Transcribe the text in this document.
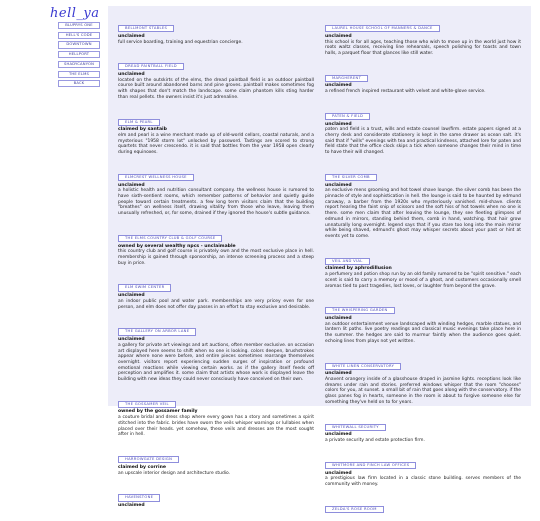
hell_ya
BLUPRYS ONE
HELL'S CODE
DOWNTOWN
HELLPORT
SHADYCANYON
THE ELMS
BACK
BELLMONT STABLES
unclaimed

full service boarding, training and equestrian concierge.

DREAD PAINTBALL FIELD
unclaimed

located on the outskirts of the elms, the dread paintball field is an outdoor paintball course built around abandoned barns and pine groves. paintball makes sometimes fog with shapes that don't match the landscape. some claim phantom kills sting harder than real pellets. the owners insist it's just adrenaline.

ELM & PEARL
claimed by santaib

elm and pearl is a wine merchant made up of old-world cellars, coastal naturals, and a mysterious "1958 storm lot" unlocked by password. Tastings are scored to strong quartets that never crescendo. it is said that bottles from the year 1958 open clearly during equinoxes.

ELMCREST WELLNESS HOUSE
unclaimed

a holistic health and nutrition consultant company. the wellness house is rumored to have sixth-sentient rooms, which remember patterns of behavior and quietly guide people toward certain treatments. a few long term visitors claim that the building "breathes" on wellness itself, drawing vitality from those who leave, leaving them unusually refreshed, or, for some, drained if they ignored the house's subtle guidance.

THE ELMS COUNTRY CLUB & GOLF COURSE
owned by several wealthy npcs - unclaimable

this country club and golf course is privately own and the most exclusive place in hell. membership is gained through sponsorship, an intense screening process and a steep buy in price.

ELM SWIM CENTER
unclaimed

an indoor public pool and water park. memberships are very pricey even for one person, and elm does not offer day passes in an effort to stay exclusive and desirable.

THE GALLERY ON ARBOR LANE
unclaimed

a gallery for private art viewings and art auctions, often member exclusive. on occasion art displayed here seems to shift when no one is looking. colors deepen, brushstrokes appear where none were before, and entire pieces sometimes rearrange themselves overnight. visitors report experiencing sudden surges of inspiration or profound emotional reactions while viewing certain works. as if the gallery itself feeds off perception and amplifies it. some claim that artists whose work is displayed leave the building with new ideas they could never consciously have conceived on their own.

THE GOSSAMER VEIL
owned by the gossamer family

a couture bridal and dress shop where every gown has a story and sometimes a spirit stitched into the fabric. brides have sworn the veils whisper warnings or lullabies when placed over their heads. yet somehow, these veils and dresses are the most sought after in hell.

HARROWGATE DESIGN
claimed by corrine

an upscale interior design and architecture studio.

HAVENSTONE
unclaimed
LAUREL HOUSE SCHOOL OF MANNERS & DANCE
unclaimed

this school is for all ages, teaching those who wish to move up in the world just how it roots waltz classes, receiving line rehearsals, speech polishing for toasts and town halls, a parquet floor that glances like still water.

MARGHERENT
unclaimed

a refined french inspired restaurant with velvet and white-glove service.

PATEN & FIELD
unclaimed

paten and field is a trust, wills and estate counsel law/firm. estate papers signed at a cherry desk and considerate stationery is kept in the same drawer as ocean salt. it's said that if "wills" evenings with tea and practical kindness, attached lore for paten and field state that the office clock skips a tick when someone changes their mind in time to have their will changed.

THE SILVER COMB
unclaimed

an exclusive mens grooming and hot towel shave lounge. the silver comb has been the pinnacle of style and sophistication in hell. the lounge is said to be haunted by edmund caraway, a barber from the 1920s who mysteriously vanished. mid-shave. clients report hearing the faint snip of scissors and the soft hiss of hot towels when no one is there. some men claim that after leaving the lounge, they see fleeting glimpses of edmund in mirrors, standing behind them, comb in hand, watching. that hair grow unnaturally long overnight. legend says that if you stare too long into the main mirror while being shaved, edmund's ghost may whisper secrets about your past or hint at events yet to come.

VEIL AND VIAL
claimed by aphrodillusion

a perfumery and potion shop run by an old family rumored to be "spirit sensitive." each scent is said to carry a memory or mood of a ghost, and customers occasionally smell aromas tied to past tragedies, lost loves, or laughter from beyond the grave.

THE WHISPERING GARDEN
unclaimed

an outdoor entertainment venue landscaped with winding hedges, marble statues, and lantern lit paths. live poetry readings and classical music evenings take place here in the summer. the hedges are said to murmur faintly when the audience goes quiet. echoing lines from plays not yet written.

WHITE LINEN CONSERVATORY
unclaimed

Anavent orangery inside of a glasshouse draped in jasmine lights. receptions look like dreams under rain and stories. preferred windows whisper that the room "chooses" colors for you, at sunset. a small bit of rain that goes along with the conservatory. if the glass panes fog in hearts, someone in the room is about to forgive someone else for something they've held on to for years.

WHITEWALL SECURITY
unclaimed

a private security and estate protection firm.

WHITMORE AND FINCH LAW OFFICES
unclaimed

a prestigious law firm located in a classic stone building. serves members of the community with money.

ZELDA'S ROSE ROOM
